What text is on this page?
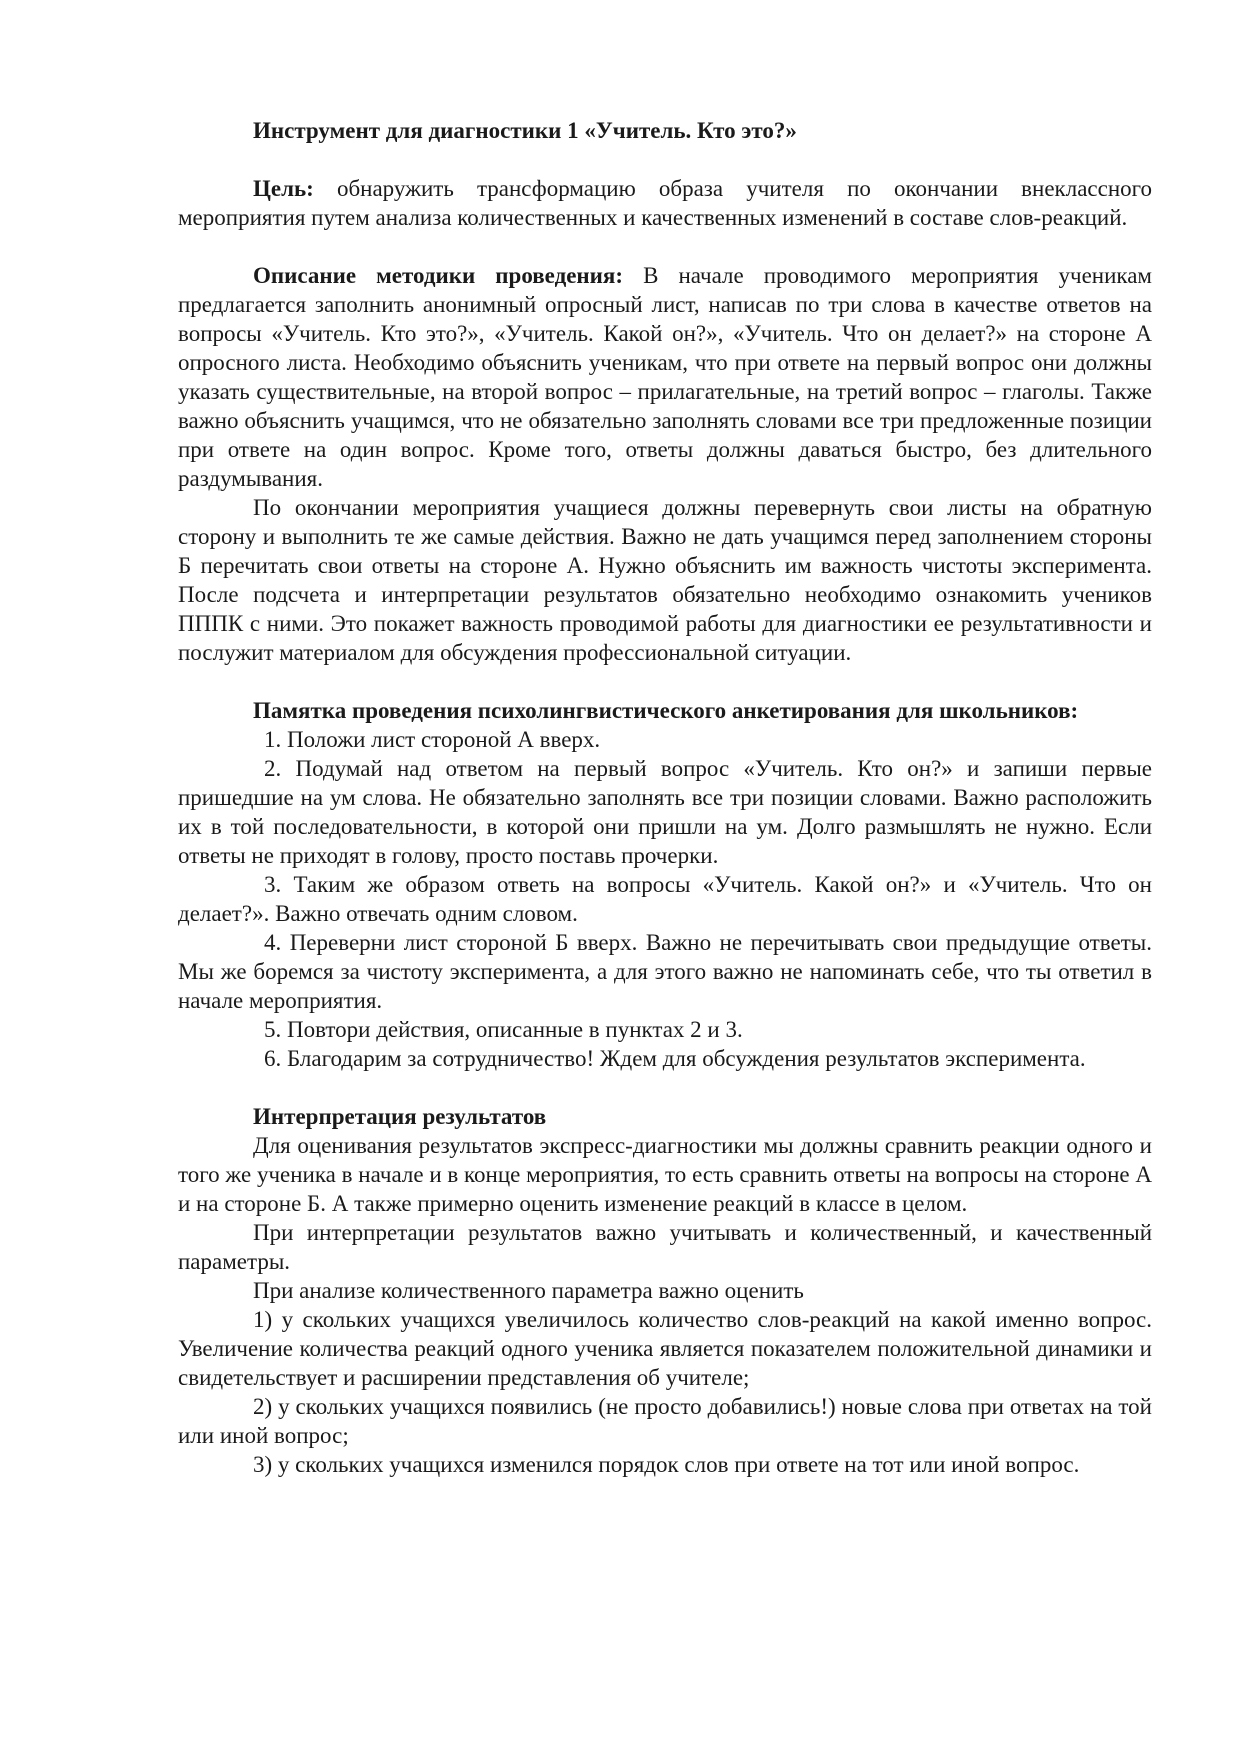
Инструмент для диагностики 1 «Учитель. Кто это?»

Цель: обнаружить трансформацию образа учителя по окончании внеклассного мероприятия путем анализа количественных и качественных изменений в составе слов-реакций.

Описание методики проведения: В начале проводимого мероприятия ученикам предлагается заполнить анонимный опросный лист, написав по три слова в качестве ответов на вопросы «Учитель. Кто это?», «Учитель. Какой он?», «Учитель. Что он делает?» на стороне А опросного листа. Необходимо объяснить ученикам, что при ответе на первый вопрос они должны указать существительные, на второй вопрос – прилагательные, на третий вопрос – глаголы. Также важно объяснить учащимся, что не обязательно заполнять словами все три предложенные позиции при ответе на один вопрос. Кроме того, ответы должны даваться быстро, без длительного раздумывания.

По окончании мероприятия учащиеся должны перевернуть свои листы на обратную сторону и выполнить те же самые действия. Важно не дать учащимся перед заполнением стороны Б перечитать свои ответы на стороне А. Нужно объяснить им важность чистоты эксперимента. После подсчета и интерпретации результатов обязательно необходимо ознакомить учеников ПППК с ними. Это покажет важность проводимой работы для диагностики ее результативности и послужит материалом для обсуждения профессиональной ситуации.

Памятка проведения психолингвистического анкетирования для школьников:

1. Положи лист стороной А вверх.

2. Подумай над ответом на первый вопрос «Учитель. Кто он?» и запиши первые пришедшие на ум слова. Не обязательно заполнять все три позиции словами. Важно расположить их в той последовательности, в которой они пришли на ум. Долго размышлять не нужно. Если ответы не приходят в голову, просто поставь прочерки.

3. Таким же образом ответь на вопросы «Учитель. Какой он?» и «Учитель. Что он делает?». Важно отвечать одним словом.

4. Переверни лист стороной Б вверх. Важно не перечитывать свои предыдущие ответы. Мы же боремся за чистоту эксперимента, а для этого важно не напоминать себе, что ты ответил в начале мероприятия.

5. Повтори действия, описанные в пунктах 2 и 3.

6. Благодарим за сотрудничество! Ждем для обсуждения результатов эксперимента.

Интерпретация результатов

Для оценивания результатов экспресс-диагностики мы должны сравнить реакции одного и того же ученика в начале и в конце мероприятия, то есть сравнить ответы на вопросы на стороне А и на стороне Б. А также примерно оценить изменение реакций в классе в целом.

При интерпретации результатов важно учитывать и количественный, и качественный параметры.

При анализе количественного параметра важно оценить

1) у скольких учащихся увеличилось количество слов-реакций на какой именно вопрос. Увеличение количества реакций одного ученика является показателем положительной динамики и свидетельствует и расширении представления об учителе;

2) у скольких учащихся появились (не просто добавились!) новые слова при ответах на той или иной вопрос;

3) у скольких учащихся изменился порядок слов при ответе на тот или иной вопрос.
